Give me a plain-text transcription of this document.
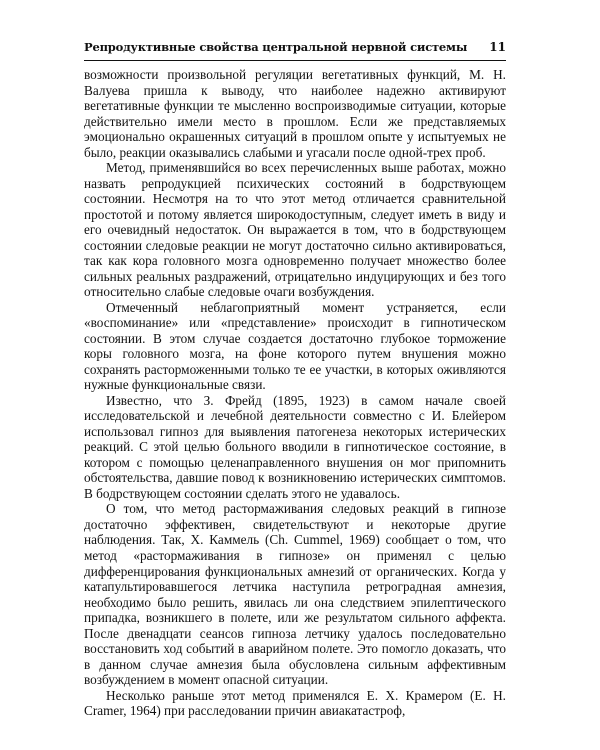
Репродуктивные свойства центральной нервной системы 11

возможности произвольной регуляции вегетативных функций, М. Н. Валуева пришла к выводу, что наиболее надежно активируют вегетативные функции те мысленно воспроизводимые ситуации, которые действительно имели место в прошлом. Если же представляемых эмоционально окрашенных ситуаций в прошлом опыте у испытуемых не было, реакции оказывались слабыми и угасали после одной-трех проб.

Метод, применявшийся во всех перечисленных выше работах, можно назвать репродукцией психических состояний в бодрствующем состоянии. Несмотря на то что этот метод отличается сравнительной простотой и потому является широкодоступным, следует иметь в виду и его очевидный недостаток. Он выражается в том, что в бодрствующем состоянии следовые реакции не могут достаточно сильно активироваться, так как кора головного мозга одновременно получает множество более сильных реальных раздражений, отрицательно индуцирующих и без того относительно слабые следовые очаги возбуждения.

Отмеченный неблагоприятный момент устраняется, если «воспоминание» или «представление» происходит в гипнотическом состоянии. В этом случае создается достаточно глубокое торможение коры головного мозга, на фоне которого путем внушения можно сохранять расторможенными только те ее участки, в которых оживляются нужные функциональные связи.

Известно, что З. Фрейд (1895, 1923) в самом начале своей исследовательской и лечебной деятельности совместно с И. Блейером использовал гипноз для выявления патогенеза некоторых истерических реакций. С этой целью больного вводили в гипнотическое состояние, в котором с помощью целенаправленного внушения он мог припомнить обстоятельства, давшие повод к возникновению истерических симптомов. В бодрствующем состоянии сделать этого не удавалось.

О том, что метод растормаживания следовых реакций в гипнозе достаточно эффективен, свидетельствуют и некоторые другие наблюдения. Так, Х. Каммель (Ch. Cummel, 1969) сообщает о том, что метод «растормаживания в гипнозе» он применял с целью дифференцирования функциональных амнезий от органических. Когда у катапультировавшегося летчика наступила ретроградная амнезия, необходимо было решить, явилась ли она следствием эпилептического припадка, возникшего в полете, или же результатом сильного аффекта. После двенадцати сеансов гипноза летчику удалось последовательно восстановить ход событий в аварийном полете. Это помогло доказать, что в данном случае амнезия была обусловлена сильным аффективным возбуждением в момент опасной ситуации.

Несколько раньше этот метод применялся Е. Х. Крамером (E. H. Cramer, 1964) при расследовании причин авиакатастроф,
